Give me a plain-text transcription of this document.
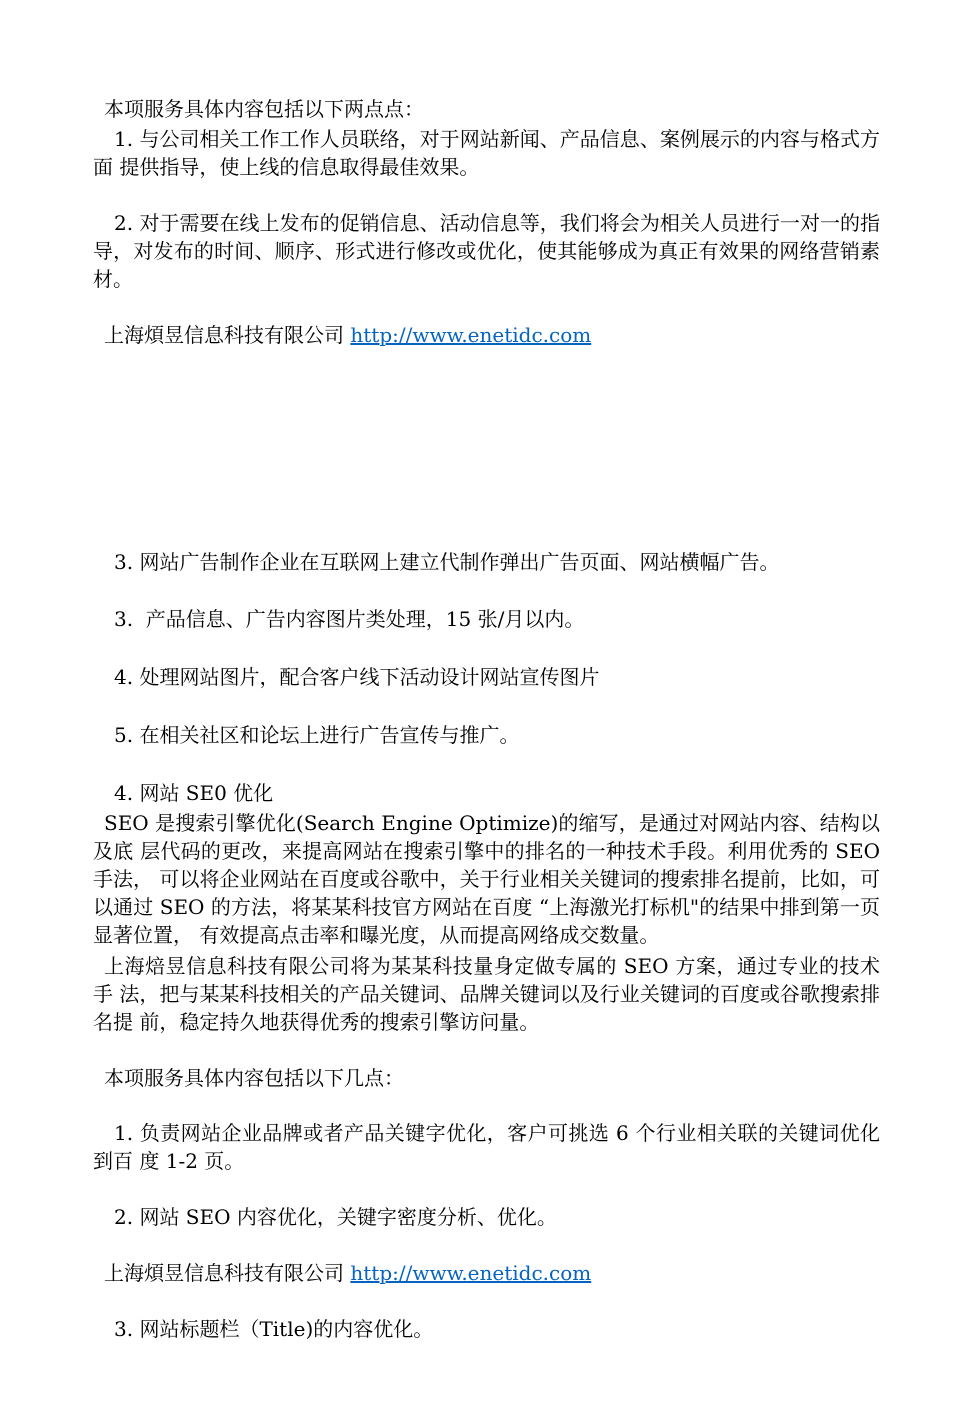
本项服务具体内容包括以下两点点：

1. 与公司相关工作工作人员联络，对于网站新闻、产品信息、案例展示的内容与格式方面 提供指导，使上线的信息取得最佳效果。

2. 对于需要在线上发布的促销信息、活动信息等，我们将会为相关人员进行一对一的指导，对发布的时间、顺序、形式进行修改或优化，使其能够成为真正有效果的网络营销素材。

上海煩昱信息科技有限公司 http://www.enetidc.com

3. 网站广告制作企业在互联网上建立代制作弹出广告页面、网站横幅广告。

3.  产品信息、广告内容图片类处理，15 张/月以内。

4. 处理网站图片，配合客户线下活动设计网站宣传图片

5. 在相关社区和论坛上进行广告宣传与推广。

4. 网站 SE0 优化

SEO 是搜索引擎优化(Search Engine Optimize)的缩写，是通过对网站内容、结构以及底 层代码的更改，来提高网站在搜索引擎中的排名的一种技术手段。利用优秀的 SEO 手法， 可以将企业网站在百度或谷歌中，关于行业相关关键词的搜索排名提前，比如，可以通过 SEO 的方法，将某某科技官方网站在百度 “上海激光打标机"的结果中排到第一页显著位置， 有效提高点击率和曝光度，从而提高网络成交数量。

上海焙昱信息科技有限公司将为某某科技量身定做专属的 SEO 方案，通过专业的技术手 法，把与某某科技相关的产品关键词、品牌关键词以及行业关键词的百度或谷歌搜索排名提 前，稳定持久地获得优秀的搜索引擎访问量。

本项服务具体内容包括以下几点：

1. 负责网站企业品牌或者产品关键字优化，客户可挑选 6 个行业相关联的关键词优化到百 度 1-2 页。

2. 网站 SEO 内容优化，关键字密度分析、优化。

上海煩昱信息科技有限公司 http://www.enetidc.com

3. 网站标题栏（Title)的内容优化。
